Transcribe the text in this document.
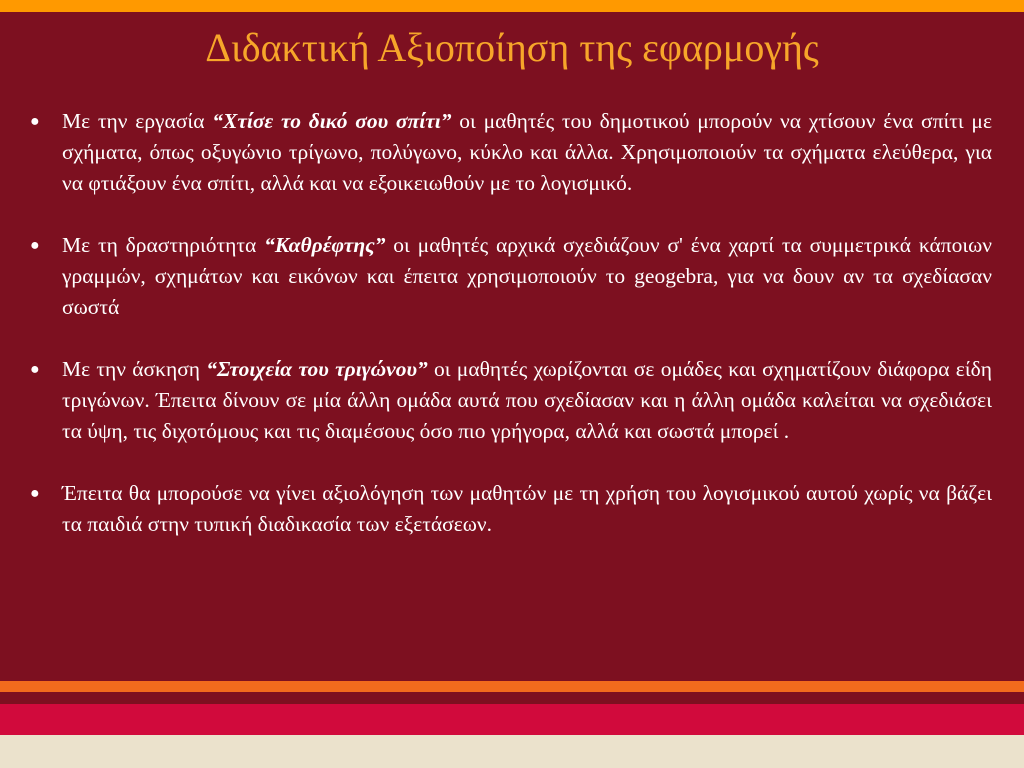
Διδακτική Αξιοποίηση της εφαρμογής
●	Με την εργασία “Χτίσε το δικό σου σπίτι” οι μαθητές του δημοτικού μπορούν να χτίσουν ένα σπίτι με σχήματα, όπως οξυγώνιο τρίγωνο, πολύγωνο, κύκλο και άλλα. Χρησιμοποιούν τα σχήματα ελεύθερα, για να φτιάξουν ένα σπίτι, αλλά και να εξοικειωθούν με το λογισμικό.
●	Με τη δραστηριότητα “Καθρέφτης” οι μαθητές αρχικά σχεδιάζουν σ' ένα χαρτί τα συμμετρικά κάποιων γραμμών, σχημάτων και εικόνων και έπειτα χρησιμοποιούν το geogebra, για να δουν αν τα σχεδίασαν σωστά
●	Με την άσκηση “Στοιχεία του τριγώνου” οι μαθητές χωρίζονται σε ομάδες και σχηματίζουν διάφορα είδη τριγώνων. Έπειτα δίνουν σε μία άλλη ομάδα αυτά που σχεδίασαν και η άλλη ομάδα καλείται να σχεδιάσει τα ύψη, τις διχοτόμους και τις διαμέσους όσο πιο γρήγορα, αλλά και σωστά μπορεί .
●	Έπειτα θα μπορούσε να γίνει αξιολόγηση των μαθητών με τη χρήση του λογισμικού αυτού χωρίς να βάζει τα παιδιά στην τυπική διαδικασία των εξετάσεων.
